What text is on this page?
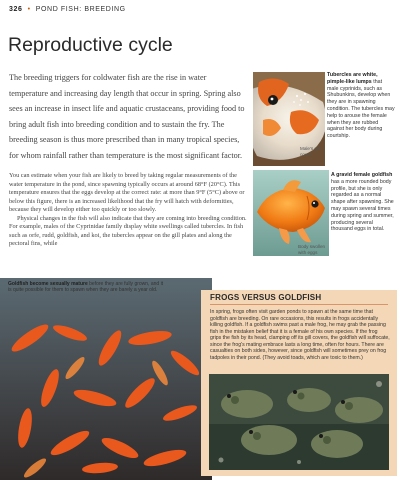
326  •  POND FISH: BREEDING
Reproductive cycle

The breeding triggers for coldwater fish are the rise in water temperature and increasing day length that occur in spring. Spring also sees an increase in insect life and aquatic crustaceans, providing food to bring adult fish into breeding condition and to sustain the fry. The breeding season is thus more prescribed than in many tropical species, for whom rainfall rather than temperature is the most significant factor.

You can estimate when your fish are likely to breed by taking regular measurements of the water temperature in the pond, since spawning typically occurs at around 68°F (20°C). This temperature ensures that the eggs develop at the correct rate: at more than 9°F (5°C) above or below this figure, there is an increased likelihood that the fry will hatch with deformities, because they will develop either too quickly or too slowly.

Physical changes in the fish will also indicate that they are coming into breeding condition. For example, males of the Cyprinidae family display white swellings called tubercles. In fish such as orfe, rudd, goldfish, and koi, the tubercles appear on the gill plates and along the pectoral fins, while

Tubercles are white, pimple-like lumps that male cyprinids, such as Shubunkins, develop when they are in spawning condition. The tubercles may help to arouse the female when they are rubbed against her body during courtship.
Male's gill-cover
A gravid female goldfish has a more rounded body profile, but she is only regarded as a normal shape after spawning. She may spawn several times during spring and summer, producing several thousand eggs in total.
Body swollen with eggs
Goldfish become sexually mature before they are fully grown, and it is quite possible for them to spawn when they are barely a year old.
FROGS VERSUS GOLDFISH

In spring, frogs often visit garden ponds to spawn at the same time that goldfish are breeding. On rare occasions, this results in frogs accidentally killing goldfish. If a goldfish swims past a male frog, he may grab the passing fish in the mistaken belief that it is a female of his own species. If the frog grips the fish by its head, clamping off its gill covers, the goldfish will suffocate, since the frog's mating embrace lasts a long time, often for hours. There are casualties on both sides, however, since goldfish will sometimes prey on frog tadpoles in their pond. (They avoid toads, which are toxic to them.)
